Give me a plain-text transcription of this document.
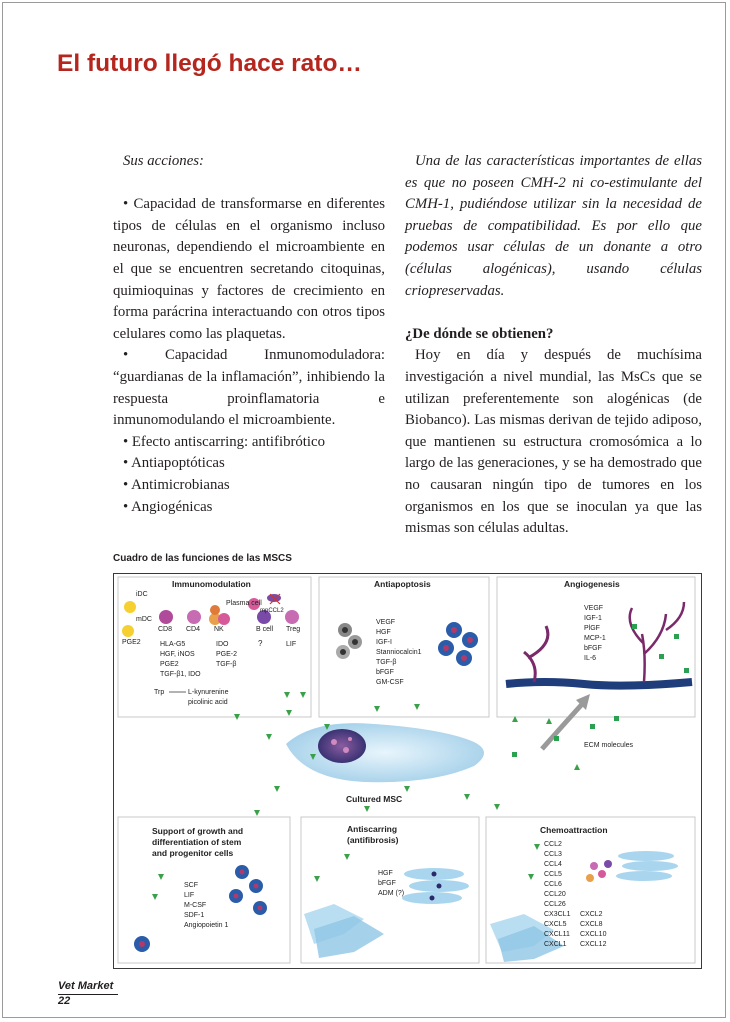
El futuro llegó hace rato…

Sus acciones:

• Capacidad de transformarse en diferentes tipos de células en el organismo incluso neuronas, dependiendo el microambiente en el que se encuentren secretando citoquinas, quimioquinas y factores de crecimiento en forma parácrina interactuando con otros tipos celulares como las plaquetas.

• Capacidad Inmunomoduladora: “guardianas de la inflamación”, inhibiendo la respuesta proinflamatoria e inmunomodulando el microambiente.

• Efecto antiscarring: antifibrótico

• Antiapoptóticas

• Antimicrobianas

• Angiogénicas

Una de las características importantes de ellas es que no poseen CMH-2 ni co-estimulante del CMH-1, pudiéndose utilizar sin la necesidad de pruebas de compatibilidad. Es por ello que podemos usar células de un donante a otro (células alogénicas), usando células criopreservadas.

¿De dónde se obtienen?

Hoy en día y después de muchísima investigación a nivel mundial, las MsCs que se utilizan preferentemente son alogénicas (de Biobanco). Las mismas derivan de tejido adiposo, que mantienen su estructura cromosómica a lo largo de las generaciones, y se ha demostrado que no causaran ningún tipo de tumores en los organismos en los que se inoculan ya que las mismas son células adultas.

Cuadro de las funciones de las MSCS
Immunomodulation	Antiapoptosis	Angiogenesis
Support of growth and
differentiation of stem
and progenitor cells
Antiscarring
(antifibrosis)
Chemoattraction
iDC
mDC
CD8 CD4 NK
Plasma cell
B cell
mpCCL2
Treg
PGE2	HLA-G5
HGF, iNOS
PGE2
TGF-β1, IDO
IDO
PGE-2
TGF-β
?	LIF
Trp	L-kynurenine
picolinic acid
VEGF
HGF
IGF-I
Stanniocalcin1
TGF-β
bFGF
GM-CSF
VEGF
IGF-1
PlGF
MCP-1
bFGF
IL-6
Cultured MSC
ECM molecules
SCF
LIF
M-CSF
SDF-1
Angiopoietin 1
HGF
bFGF
ADM (?)
CCL2
CCL3
CCL4
CCL5
CCL6
CCL20
CCL26
CX3CL1
CXCL5
CXCL11
CXCL1
CXCL2
CXCL8
CXCL10
CXCL12
Vet Market
22
